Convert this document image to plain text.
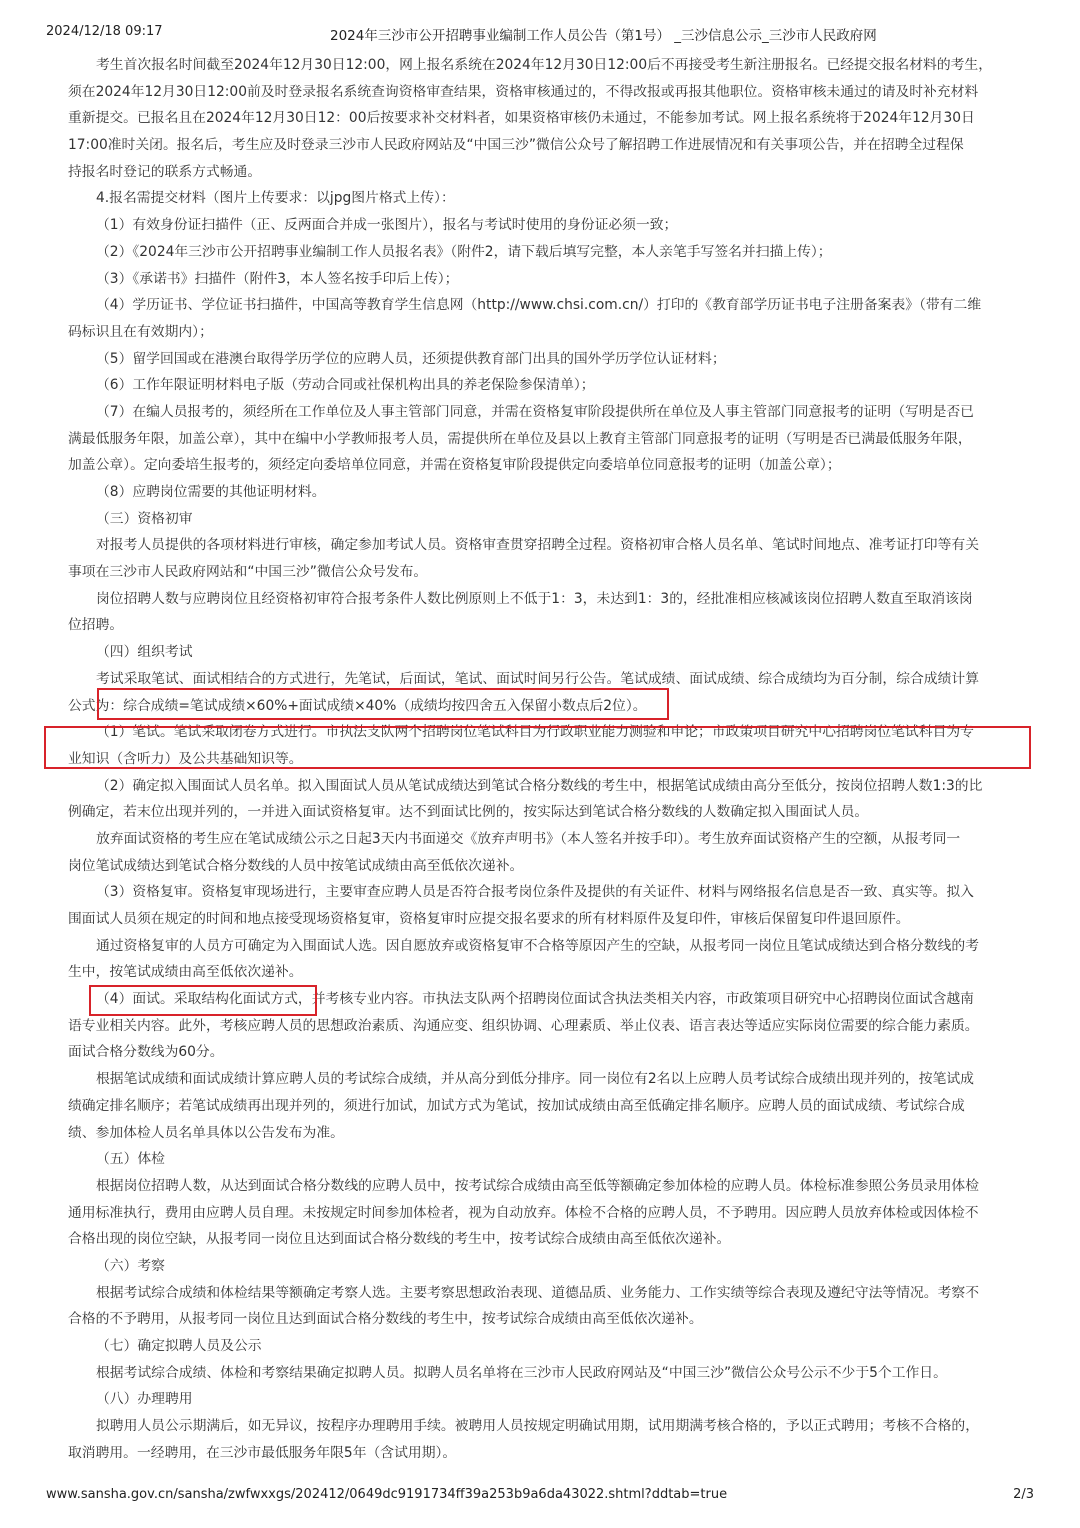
2024/12/18 09:17	2024年三沙市公开招聘事业编制工作人员公告（第1号） _三沙信息公示_三沙市人民政府网
考生首次报名时间截至2024年12月30日12:00，网上报名系统在2024年12月30日12:00后不再接受考生新注册报名。已经提交报名材料的考生，
须在2024年12月30日12:00前及时登录报名系统查询资格审查结果，资格审核通过的，不得改报或再报其他职位。资格审核未通过的请及时补充材料
重新提交。已报名且在2024年12月30日12：00后按要求补交材料者，如果资格审核仍未通过，不能参加考试。网上报名系统将于2024年12月30日
17:00准时关闭。报名后，考生应及时登录三沙市人民政府网站及“中国三沙”微信公众号了解招聘工作进展情况和有关事项公告，并在招聘全过程保
持报名时登记的联系方式畅通。
4.报名需提交材料（图片上传要求：以jpg图片格式上传）：
（1）有效身份证扫描件（正、反两面合并成一张图片），报名与考试时使用的身份证必须一致；
（2）《2024年三沙市公开招聘事业编制工作人员报名表》（附件2，请下载后填写完整，本人亲笔手写签名并扫描上传）；
（3）《承诺书》扫描件（附件3，本人签名按手印后上传）；
（4）学历证书、学位证书扫描件，中国高等教育学生信息网（http://www.chsi.com.cn/）打印的《教育部学历证书电子注册备案表》（带有二维
码标识且在有效期内）；
（5）留学回国或在港澳台取得学历学位的应聘人员，还须提供教育部门出具的国外学历学位认证材料；
（6）工作年限证明材料电子版（劳动合同或社保机构出具的养老保险参保清单）；
（7）在编人员报考的，须经所在工作单位及人事主管部门同意，并需在资格复审阶段提供所在单位及人事主管部门同意报考的证明（写明是否已
满最低服务年限，加盖公章），其中在编中小学教师报考人员，需提供所在单位及县以上教育主管部门同意报考的证明（写明是否已满最低服务年限，
加盖公章）。定向委培生报考的，须经定向委培单位同意，并需在资格复审阶段提供定向委培单位同意报考的证明（加盖公章）；
（8）应聘岗位需要的其他证明材料。
（三）资格初审
对报考人员提供的各项材料进行审核，确定参加考试人员。资格审查贯穿招聘全过程。资格初审合格人员名单、笔试时间地点、准考证打印等有关
事项在三沙市人民政府网站和“中国三沙”微信公众号发布。
岗位招聘人数与应聘岗位且经资格初审符合报考条件人数比例原则上不低于1：3，未达到1：3的，经批准相应核减该岗位招聘人数直至取消该岗
位招聘。
（四）组织考试
考试采取笔试、面试相结合的方式进行，先笔试，后面试，笔试、面试时间另行公告。笔试成绩、面试成绩、综合成绩均为百分制，综合成绩计算
公式为：综合成绩=笔试成绩×60%+面试成绩×40%（成绩均按四舍五入保留小数点后2位）。
（1）笔试。笔试采取闭卷方式进行。市执法支队两个招聘岗位笔试科目为行政职业能力测验和申论；市政策项目研究中心招聘岗位笔试科目为专
业知识（含听力）及公共基础知识等。
（2）确定拟入围面试人员名单。拟入围面试人员从笔试成绩达到笔试合格分数线的考生中，根据笔试成绩由高分至低分，按岗位招聘人数1:3的比
例确定，若末位出现并列的，一并进入面试资格复审。达不到面试比例的，按实际达到笔试合格分数线的人数确定拟入围面试人员。
放弃面试资格的考生应在笔试成绩公示之日起3天内书面递交《放弃声明书》（本人签名并按手印）。考生放弃面试资格产生的空额，从报考同一
岗位笔试成绩达到笔试合格分数线的人员中按笔试成绩由高至低依次递补。
（3）资格复审。资格复审现场进行，主要审查应聘人员是否符合报考岗位条件及提供的有关证件、材料与网络报名信息是否一致、真实等。拟入
围面试人员须在规定的时间和地点接受现场资格复审，资格复审时应提交报名要求的所有材料原件及复印件，审核后保留复印件退回原件。
通过资格复审的人员方可确定为入围面试人选。因自愿放弃或资格复审不合格等原因产生的空缺，从报考同一岗位且笔试成绩达到合格分数线的考
生中，按笔试成绩由高至低依次递补。
（4）面试。采取结构化面试方式，并考核专业内容。市执法支队两个招聘岗位面试含执法类相关内容，市政策项目研究中心招聘岗位面试含越南
语专业相关内容。此外，考核应聘人员的思想政治素质、沟通应变、组织协调、心理素质、举止仪表、语言表达等适应实际岗位需要的综合能力素质。
面试合格分数线为60分。
根据笔试成绩和面试成绩计算应聘人员的考试综合成绩，并从高分到低分排序。同一岗位有2名以上应聘人员考试综合成绩出现并列的，按笔试成
绩确定排名顺序；若笔试成绩再出现并列的，须进行加试，加试方式为笔试，按加试成绩由高至低确定排名顺序。应聘人员的面试成绩、考试综合成
绩、参加体检人员名单具体以公告发布为准。
（五）体检
根据岗位招聘人数，从达到面试合格分数线的应聘人员中，按考试综合成绩由高至低等额确定参加体检的应聘人员。体检标准参照公务员录用体检
通用标准执行，费用由应聘人员自理。未按规定时间参加体检者，视为自动放弃。体检不合格的应聘人员，不予聘用。因应聘人员放弃体检或因体检不
合格出现的岗位空缺，从报考同一岗位且达到面试合格分数线的考生中，按考试综合成绩由高至低依次递补。
（六）考察
根据考试综合成绩和体检结果等额确定考察人选。主要考察思想政治表现、道德品质、业务能力、工作实绩等综合表现及遵纪守法等情况。考察不
合格的不予聘用，从报考同一岗位且达到面试合格分数线的考生中，按考试综合成绩由高至低依次递补。
（七）确定拟聘人员及公示
根据考试综合成绩、体检和考察结果确定拟聘人员。拟聘人员名单将在三沙市人民政府网站及“中国三沙”微信公众号公示不少于5个工作日。
（八）办理聘用
拟聘用人员公示期满后，如无异议，按程序办理聘用手续。被聘用人员按规定明确试用期，试用期满考核合格的，予以正式聘用；考核不合格的，
取消聘用。一经聘用，在三沙市最低服务年限5年（含试用期）。
www.sansha.gov.cn/sansha/zwfwxxgs/202412/0649dc9191734ff39a253b9a6da43022.shtml?ddtab=true	2/3
